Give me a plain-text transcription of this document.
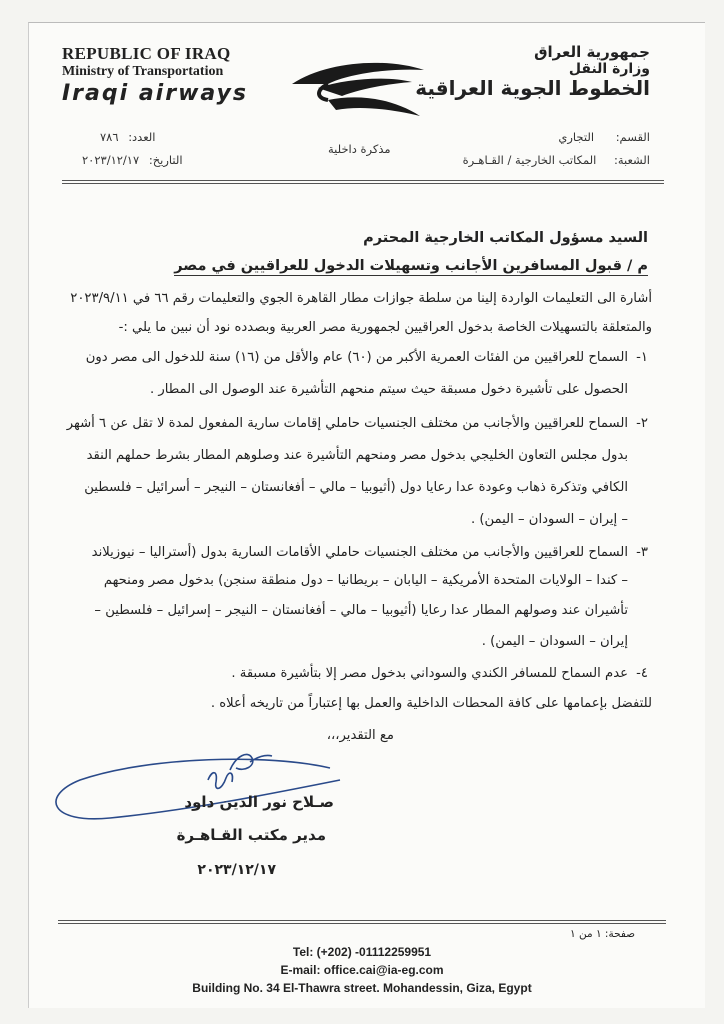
REPUBLIC OF IRAQ
Ministry of Transportation
Iraqi airways
جمهورية العراق
وزارة النقل
الخطوط الجوية العراقية
القسم: التجاري
الشعبة: المكاتب الخارجية / القـاهـرة
مذكرة داخلية
العدد: ٧٨٦
التاريخ: ٢٠٢٣/١٢/١٧
السيد مسؤول المكاتب الخارجية المحترم
م / قبول المسافرين الأجانب وتسهيلات الدخول للعراقيين في مصر
أشارة الى التعليمات الواردة إلينا من سلطة جوازات مطار القاهرة الجوي والتعليمات رقم ٦٦ في ٢٠٢٣/٩/١١
والمتعلقة بالتسهيلات الخاصة بدخول العراقيين لجمهورية مصر العربية وبصدده نود أن نبين ما يلي :-
١-
السماح للعراقيين من الفئات العمرية الأكبر من (٦٠) عام والأقل من (١٦) سنة للدخول الى مصر دون
الحصول على تأشيرة دخول مسبقة حيث سيتم منحهم التأشيرة عند الوصول الى المطار .
٢-
السماح للعراقيين والأجانب من مختلف الجنسيات حاملي إقامات سارية المفعول لمدة لا تقل عن ٦ أشهر
بدول مجلس التعاون الخليجي بدخول مصر ومنحهم التأشيرة عند وصلوهم المطار بشرط حملهم النقد
الكافي وتذكرة ذهاب وعودة عدا رعايا دول (أثيوبيا – مالي – أفغانستان – النيجر – أسرائيل – فلسطين
– إيران – السودان – اليمن) .
٣-
السماح للعراقيين والأجانب من مختلف الجنسيات حاملي الأقامات السارية بدول (أستراليا – نيوزيلاند
– كندا – الولايات المتحدة الأمريكية – اليابان – بريطانيا – دول منطقة سنجن) بدخول مصر ومنحهم
تأشيران عند وصولهم المطار عدا رعايا (أثيوبيا – مالي – أفغانستان – النيجر – إسرائيل – فلسطين –
إيران – السودان – اليمن) .
٤-
عدم السماح للمسافر الكندي والسوداني بدخول مصر إلا بتأشيرة مسبقة .
للتفضل بإعمامها على كافة المحطات الداخلية والعمل بها إعتباراً من تاريخه أعلاه .
مع التقدير،،،
صـلاح نور الدين داود
مدير مكتب القـاهـرة
٢٠٢٣/١٢/١٧
صفحة: ١ من ١
Tel: (+202) -01112259951
E-mail: office.cai@ia-eg.com
Building No. 34 El-Thawra street. Mohandessin, Giza, Egypt
